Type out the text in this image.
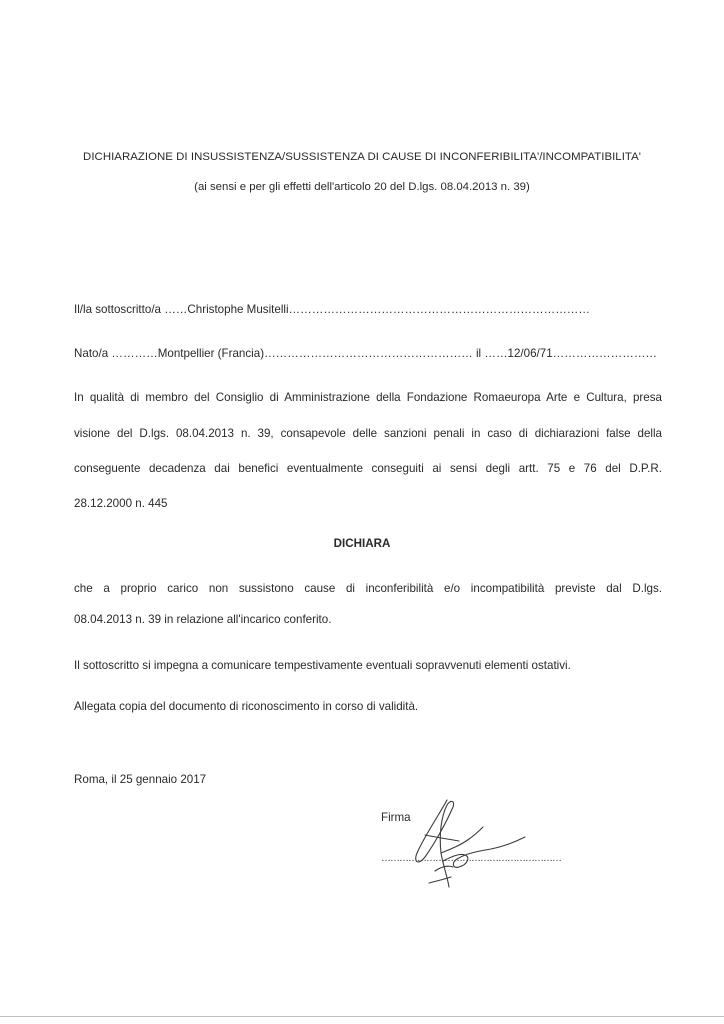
DICHIARAZIONE DI INSUSSISTENZA/SUSSISTENZA DI CAUSE DI INCONFERIBILITA'/INCOMPATIBILITA'
(ai sensi e per gli effetti dell'articolo 20 del D.lgs. 08.04.2013 n. 39)
Il/la sottoscritto/a ……Christophe Musitelli……………………………………………………………………
Nato/a …………Montpellier (Francia)……………………………………………… il ……12/06/71………………………
In qualità di membro del Consiglio di Amministrazione della Fondazione Romaeuropa Arte e Cultura, presa
visione del D.lgs. 08.04.2013 n. 39, consapevole delle sanzioni penali in caso di dichiarazioni false della
conseguente decadenza dai benefici eventualmente conseguiti ai sensi degli artt. 75 e 76 del D.P.R.
28.12.2000 n. 445
DICHIARA
che a proprio carico non sussistono cause di inconferibilità e/o incompatibilità previste dal D.lgs.
08.04.2013 n. 39 in relazione all'incarico conferito.
Il sottoscritto si impegna a comunicare tempestivamente eventuali sopravvenuti elementi ostativi.
Allegata copia del documento di riconoscimento in corso di validità.
Roma, il 25 gennaio 2017
Firma
……………………………………………………
